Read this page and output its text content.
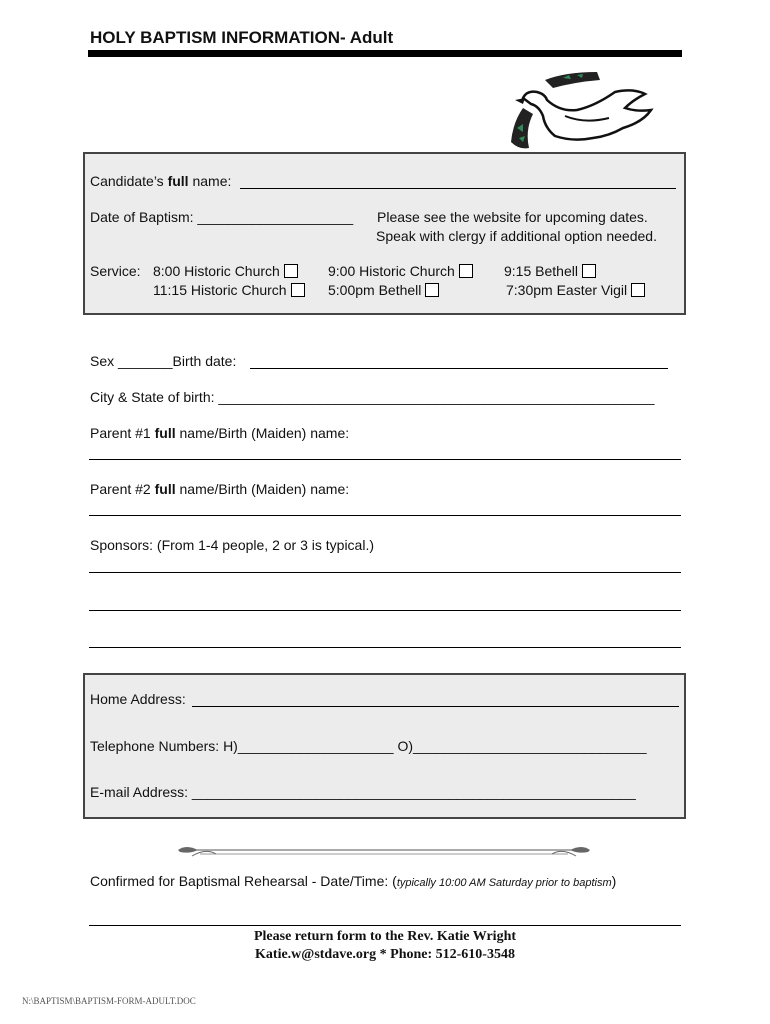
HOLY BAPTISM INFORMATION- Adult
Candidate’s full name:
Date of Baptism: ____________________ Please see the website for upcoming dates.
Speak with clergy if additional option needed.
Service: 8:00 Historic Church	9:00 Historic Church	9:15 Bethell
11:15 Historic Church	5:00pm Bethell	7:30pm Easter Vigil
Sex _______Birth date:
City & State of birth: ________________________________________________________
Parent #1 full name/Birth (Maiden) name:
Parent #2 full name/Birth (Maiden) name:
Sponsors: (From 1-4 people, 2 or 3 is typical.)
Home Address:
Telephone Numbers: H)____________________ O)______________________________
E-mail Address: _________________________________________________________
Confirmed for Baptismal Rehearsal - Date/Time: (typically 10:00 AM Saturday prior to baptism)
Please return form to the Rev. Katie Wright
Katie.w@stdave.org * Phone: 512-610-3548
N:\BAPTISM\BAPTISM-FORM-ADULT.DOC
